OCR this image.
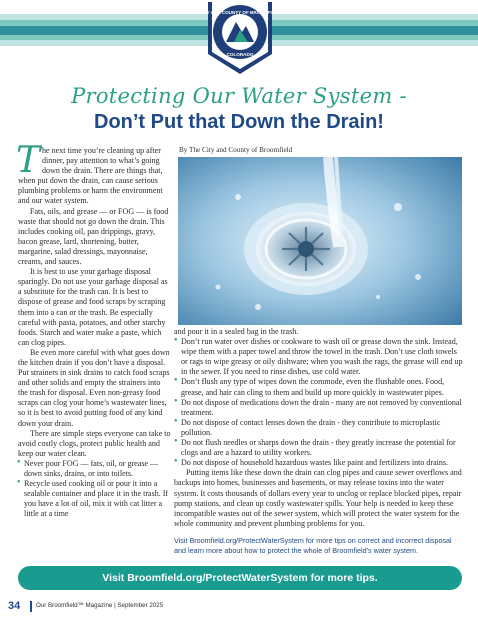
CITY AND COUNTY OF BROOMFIELD
COLORADO
Protecting Our Water System -
Don’t Put that Down the Drain!

The next time you’re cleaning up after dinner, pay attention to what’s going down the drain. There are things that, when put down the drain, can cause serious plumbing problems or harm the environment and our water system.

Fats, oils, and grease — or FOG — is food waste that should not go down the drain. This includes cooking oil, pan drippings, gravy, bacon grease, lard, shortening, butter, margarine, salad dressings, mayonnaise, creams, and sauces.

It is best to use your garbage disposal sparingly. Do not use your garbage disposal as a substitute for the trash can. It is best to dispose of grease and food scraps by scraping them into a can or the trash. Be especially careful with pasta, potatoes, and other starchy foods. Starch and water make a paste, which can clog pipes.

Be even more careful with what goes down the kitchen drain if you don’t have a disposal. Put strainers in sink drains to catch food scraps and other solids and empty the strainers into the trash for disposal. Even non-greasy food scraps can clog your home’s wastewater lines, so it is best to avoid putting food of any kind down your drain.

There are simple steps everyone can take to avoid costly clogs, protect public health and keep our water clean.

• Never pour FOG — fats, oil, or grease — down sinks, drains, or into toilets.
• Recycle used cooking oil or pour it into a sealable container and place it in the trash. If you have a lot of oil, mix it with cat litter a little at a time
By The City and County of Broomfield

and pour it in a sealed bag in the trash.

• Don’t run water over dishes or cookware to wash oil or grease down the sink. Instead, wipe them with a paper towel and throw the towel in the trash. Don’t use cloth towels or rags to wipe greasy or oily dishware; when you wash the rags, the grease will end up in the sewer. If you need to rinse dishes, use cold water.
• Don’t flush any type of wipes down the commode, even the flushable ones. Food, grease, and hair can cling to them and build up more quickly in wastewater pipes.
• Do not dispose of medications down the drain - many are not removed by conventional treatment.
• Do not dispose of contact lenses down the drain - they contribute to microplastic pollution.
• Do not flush needles or sharps down the drain - they greatly increase the potential for clogs and are a hazard to utility workers.
• Do not dispose of household hazardous wastes like paint and fertilizers into drains.

Putting items like these down the drain can clog pipes and cause sewer overflows and backups into homes, businesses and basements, or may release toxins into the water system. It costs thousands of dollars every year to unclog or replace blocked pipes, repair pump stations, and clean up costly wastewater spills. Your help is needed to keep these incompatible wastes out of the sewer system, which will protect the water system for the whole community and prevent plumbing problems for you.

Visit Broomfield.org/ProtectWaterSystem for more tips on correct and incorrect disposal and learn more about how to protect the whole of Broomfield’s water system.
Visit Broomfield.org/ProtectWaterSystem for more tips.
34	Our Broomfield™ Magazine | September 2025
